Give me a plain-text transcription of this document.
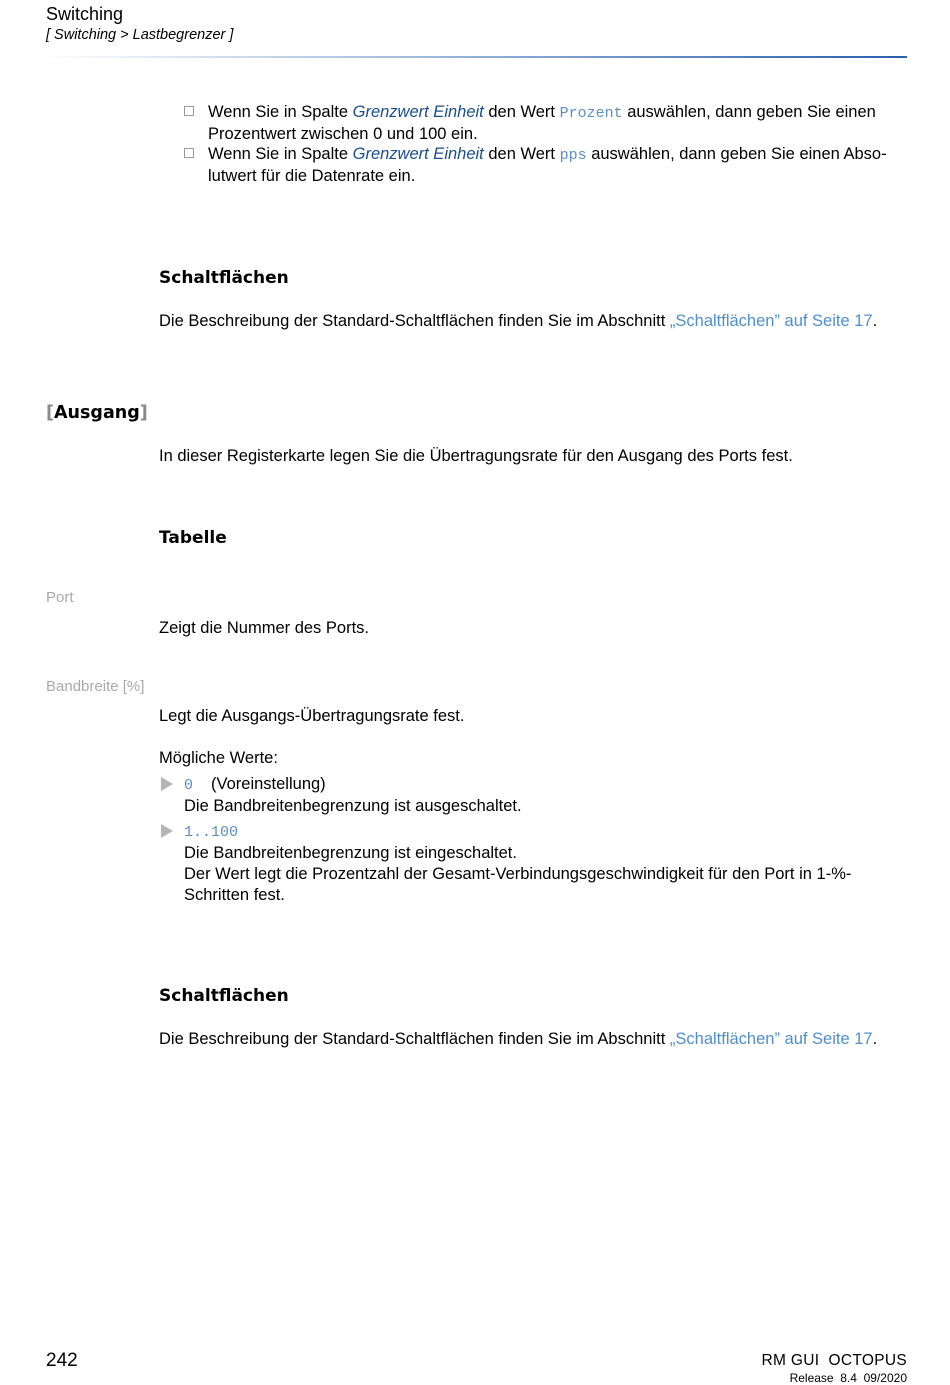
Switching
[ Switching > Lastbegrenzer ]
Wenn Sie in Spalte Grenzwert Einheit den Wert Prozent auswählen, dann geben Sie einen
Prozentwert zwischen 0 und 100 ein.
Wenn Sie in Spalte Grenzwert Einheit den Wert pps auswählen, dann geben Sie einen Abso-
lutwert für die Datenrate ein.
Schaltflächen
Die Beschreibung der Standard-Schaltflächen finden Sie im Abschnitt „Schaltflächen” auf Seite 17.
[Ausgang]
In dieser Registerkarte legen Sie die Übertragungsrate für den Ausgang des Ports fest.
Tabelle
Port
Zeigt die Nummer des Ports.
Bandbreite [%]
Legt die Ausgangs-Übertragungsrate fest.
Mögliche Werte:
0 (Voreinstellung)
Die Bandbreitenbegrenzung ist ausgeschaltet.
1..100
Die Bandbreitenbegrenzung ist eingeschaltet.
Der Wert legt die Prozentzahl der Gesamt-Verbindungsgeschwindigkeit für den Port in 1-%-
Schritten fest.
Schaltflächen
Die Beschreibung der Standard-Schaltflächen finden Sie im Abschnitt „Schaltflächen” auf Seite 17.
242	RM GUI  OCTOPUS
Release  8.4  09/2020
